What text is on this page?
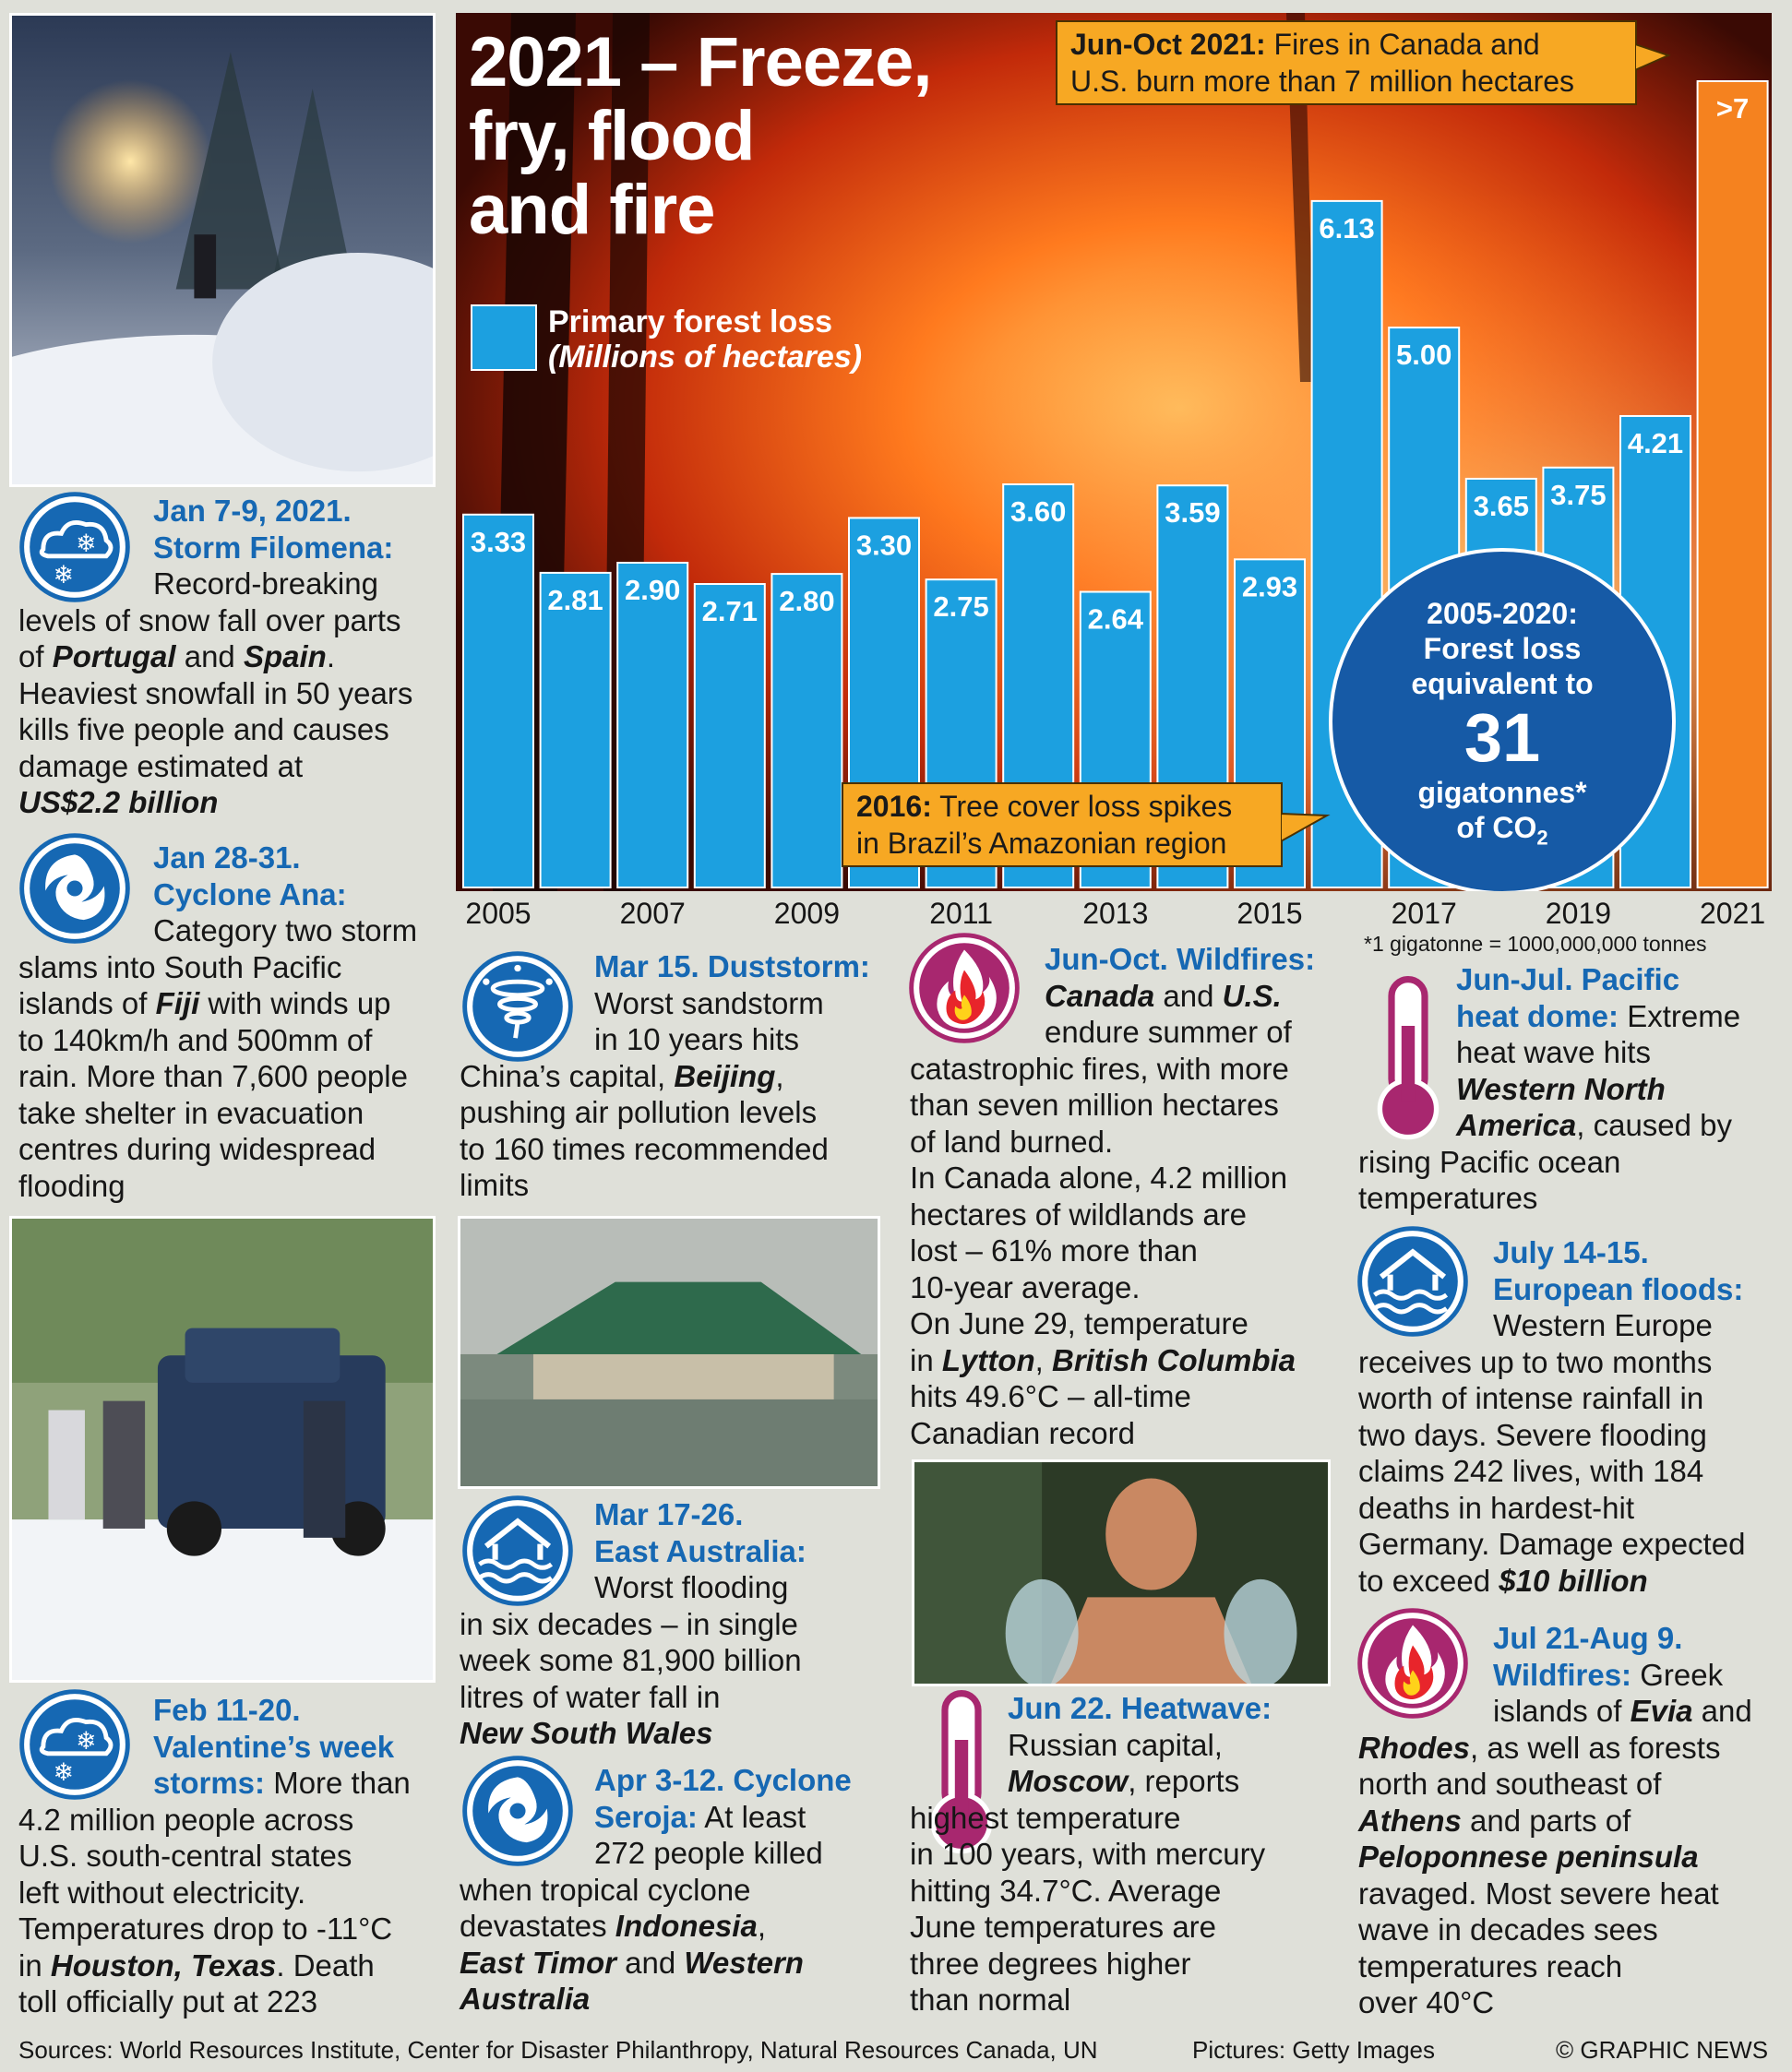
2021 – Freeze,
fry, flood
and fire
Primary forest loss
(Millions of hectares)
3.33
2.81 2.90
2.71 2.80
3.30
2.75
3.60
2.64
3.59
2.93
6.13
5.00
3.65 3.75
4.21
>7
Jun-Oct 2021: Fires in Canada and
U.S. burn more than 7 million hectares
2016: Tree cover loss spikes
in Brazil’s Amazonian region
2005-2020:
Forest loss
equivalent to
31
gigatonnes*
of $CO_2$
2005	2007	2009	2011	2013	2015	2017	2019	2021
*1 gigatonne = 1000,000,000 tonnes
❄
❄
❄
❄
Jan 7-9, 2021.
Storm Filomena:
Record-breaking
levels of snow fall over parts
of Portugal and Spain.
Heaviest snowfall in 50 years
kills five people and causes
damage estimated at
US$2.2 billion
Jan 28-31.
Cyclone Ana:
Category two storm
slams into South Pacific
islands of Fiji with winds up
to 140km/h and 500mm of
rain. More than 7,600 people
take shelter in evacuation
centres during widespread
flooding
Feb 11-20.
Valentine’s week
storms: More than
4.2 million people across
U.S. south-central states
left without electricity.
Temperatures drop to -11°C
in Houston, Texas. Death
toll officially put at 223
Mar 15. Duststorm:
Worst sandstorm
in 10 years hits
China’s capital, Beijing,
pushing air pollution levels
to 160 times recommended
limits
Mar 17-26.
East Australia:
Worst flooding
in six decades – in single
week some 81,900 billion
litres of water fall in
New South Wales
Apr 3-12. Cyclone
Seroja: At least
272 people killed
when tropical cyclone
devastates Indonesia,
East Timor and Western
Australia
Jun-Oct. Wildfires:
Canada and U.S.
endure summer of
catastrophic fires, with more
than seven million hectares
of land burned.
In Canada alone, 4.2 million
hectares of wildlands are
lost – 61% more than
10-year average.
On June 29, temperature
in Lytton, British Columbia
hits 49.6°C – all-time
Canadian record
Jun 22. Heatwave:
Russian capital,
Moscow, reports
highest temperature
in 100 years, with mercury
hitting 34.7°C. Average
June temperatures are
three degrees higher
than normal
Jun-Jul. Pacific
heat dome: Extreme
heat wave hits
Western North
America, caused by
rising Pacific ocean
temperatures
July 14-15.
European floods:
Western Europe
receives up to two months
worth of intense rainfall in
two days. Severe flooding
claims 242 lives, with 184
deaths in hardest-hit
Germany. Damage expected
to exceed $10 billion
Jul 21-Aug 9.
Wildfires: Greek
islands of Evia and
Rhodes, as well as forests
north and southeast of
Athens and parts of
Peloponnese peninsula
ravaged. Most severe heat
wave in decades sees
temperatures reach
over 40°C
Sources: World Resources Institute, Center for Disaster Philanthropy, Natural Resources Canada, UN	Pictures: Getty Images	© GRAPHIC NEWS
